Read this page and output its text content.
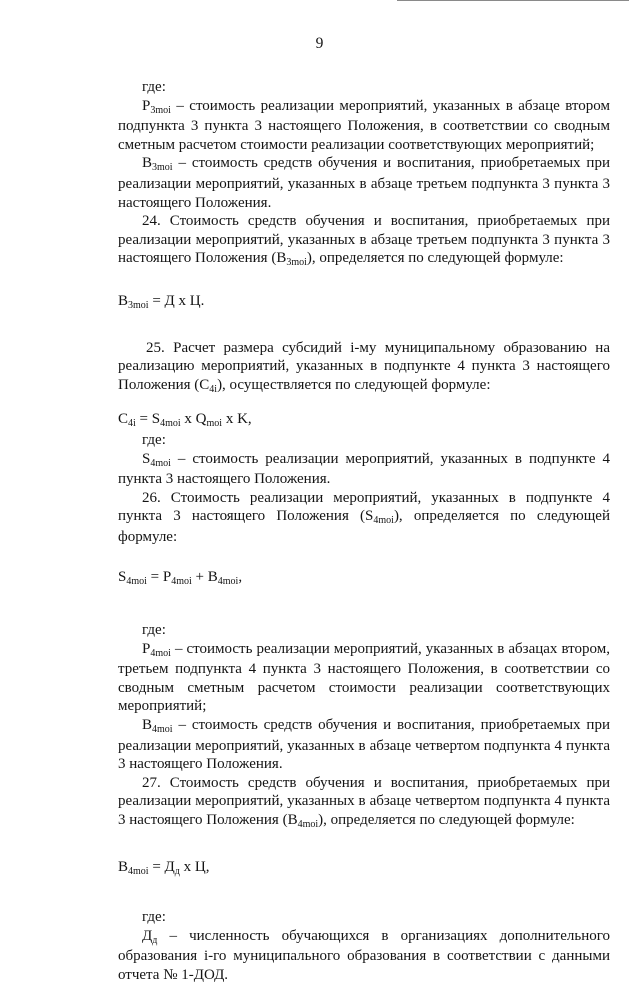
9

где:

$Р_{3moi}$ – стоимость реализации мероприятий, указанных в абзаце втором подпункта 3 пункта 3 настоящего Положения, в соответствии со сводным сметным расчетом стоимости реализации соответствующих мероприятий;

$В_{3moi}$ – стоимость средств обучения и воспитания, приобретаемых при реализации мероприятий, указанных в абзаце третьем подпункта 3 пункта 3 настоящего Положения.

24. Стоимость средств обучения и воспитания, приобретаемых при реализации мероприятий, указанных в абзаце третьем подпункта 3 пункта 3 настоящего Положения $(В_{3moi})$, определяется по следующей формуле:

$В_{3moi} = Д$ х Ц.

25. Расчет размера субсидий i-му муниципальному образованию на реализацию мероприятий, указанных в подпункте 4 пункта 3 настоящего Положения $(С_{4i})$, осуществляется по следующей формуле:

$С_{4i} = S_{4moi}$ x $Q_{moi}$ x K,

где:

$S_{4moi}$ – стоимость реализации мероприятий, указанных в подпункте 4 пункта 3 настоящего Положения.

26. Стоимость реализации мероприятий, указанных в подпункте 4 пункта 3 настоящего Положения $(S_{4moi})$, определяется по следующей формуле:

$S_{4moi} = Р_{4moi} + В_{4moi}$,

где:

$Р_{4moi}$ – стоимость реализации мероприятий, указанных в абзацах втором, третьем подпункта 4 пункта 3 настоящего Положения, в соответствии со сводным сметным расчетом стоимости реализации соответствующих мероприятий;

$В_{4moi}$ – стоимость средств обучения и воспитания, приобретаемых при реализации мероприятий, указанных в абзаце четвертом подпункта 4 пункта 3 настоящего Положения.

27. Стоимость средств обучения и воспитания, приобретаемых при реализации мероприятий, указанных в абзаце четвертом подпункта 4 пункта 3 настоящего Положения $(В_{4moi})$, определяется по следующей формуле:

$В_{4moi} = Д_д$ х Ц,

где:

$Д_д$ – численность обучающихся в организациях дополнительного образования i-го муниципального образования в соответствии с данными отчета № 1-ДОД.
